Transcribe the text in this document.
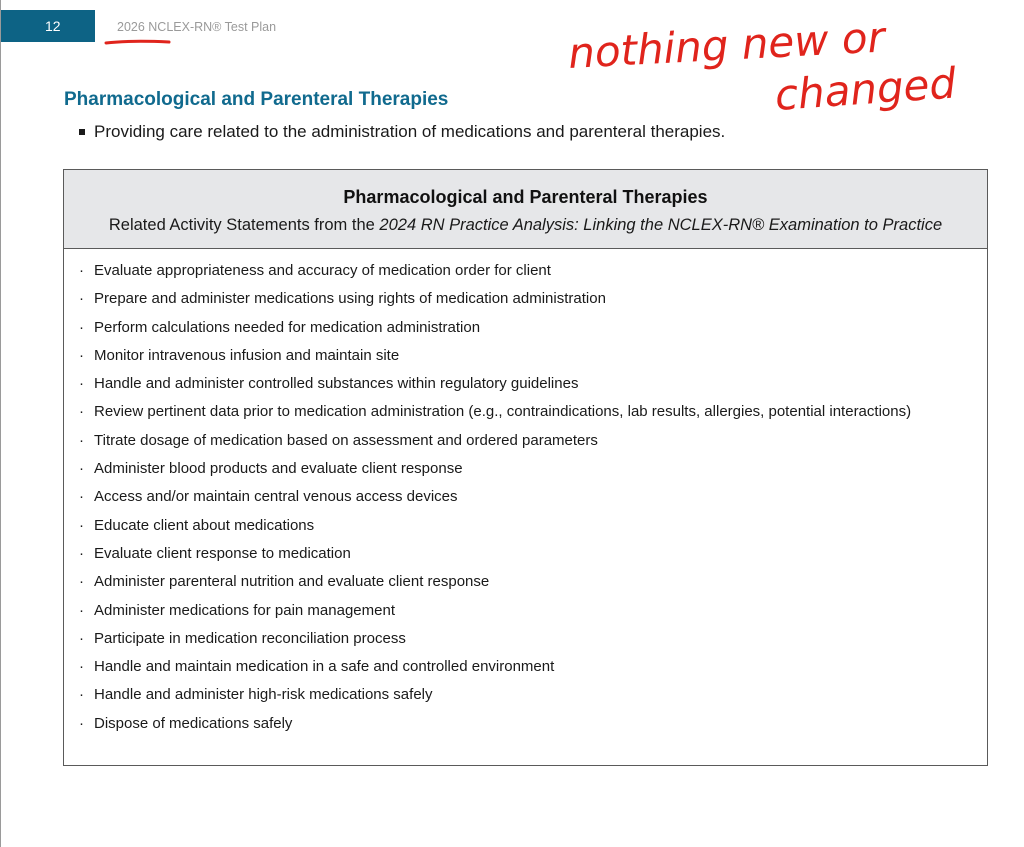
12	2026 NCLEX-RN® Test Plan	nothing new or
changed
Pharmacological and Parenteral Therapies
Providing care related to the administration of medications and parenteral therapies.
Pharmacological and Parenteral Therapies
Related Activity Statements from the 2024 RN Practice Analysis: Linking the NCLEX-RN® Examination to Practice
· Evaluate appropriateness and accuracy of medication order for client
· Prepare and administer medications using rights of medication administration
· Perform calculations needed for medication administration
· Monitor intravenous infusion and maintain site
· Handle and administer controlled substances within regulatory guidelines
· Review pertinent data prior to medication administration (e.g., contraindications, lab results, allergies, potential interactions)
· Titrate dosage of medication based on assessment and ordered parameters
· Administer blood products and evaluate client response
· Access and/or maintain central venous access devices
· Educate client about medications
· Evaluate client response to medication
· Administer parenteral nutrition and evaluate client response
· Administer medications for pain management
· Participate in medication reconciliation process
· Handle and maintain medication in a safe and controlled environment
· Handle and administer high-risk medications safely
· Dispose of medications safely
